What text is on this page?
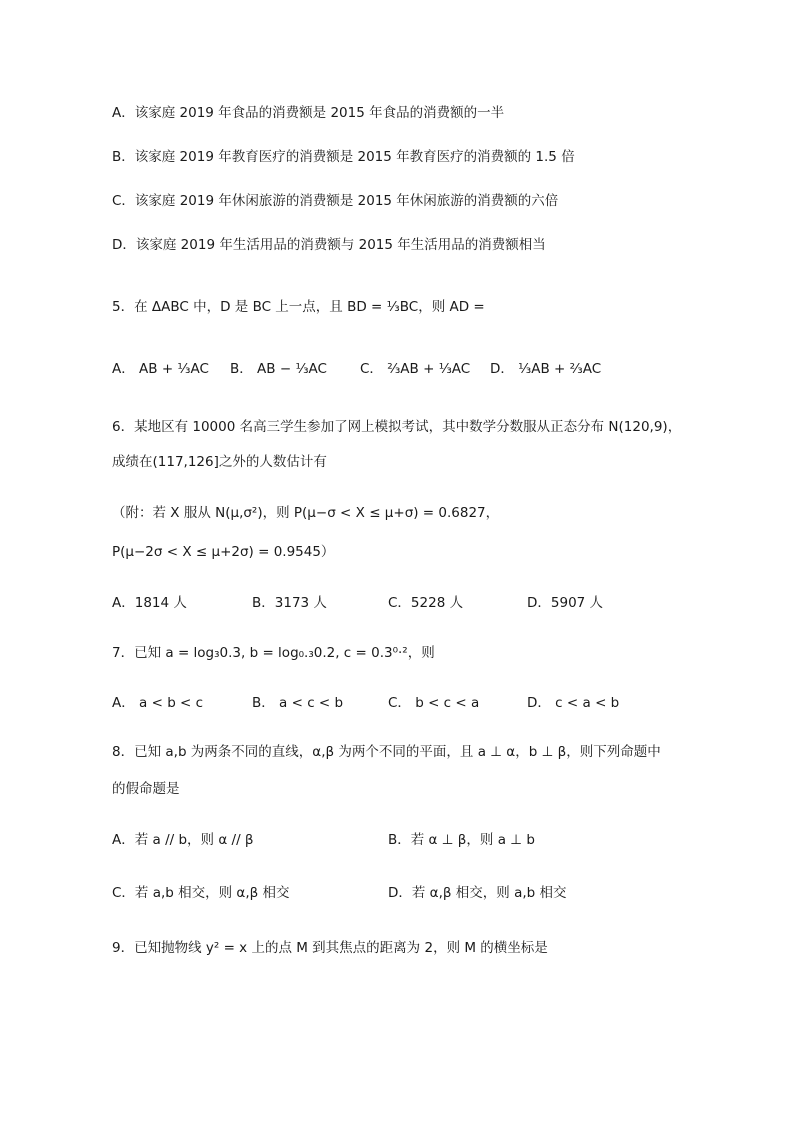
A．该家庭 2019 年食品的消费额是 2015 年食品的消费额的一半
B．该家庭 2019 年教育医疗的消费额是 2015 年教育医疗的消费额的 1.5 倍
C．该家庭 2019 年休闲旅游的消费额是 2015 年休闲旅游的消费额的六倍
D．该家庭 2019 年生活用品的消费额与 2015 年生活用品的消费额相当
5．在 ΔABC 中，D 是 BC 上一点，且 BD = ⅓BC，则 AD =
A． AB + ⅓AC B． AB − ⅓AC C． ⅔AB + ⅓AC D． ⅓AB + ⅔AC
6．某地区有 10000 名高三学生参加了网上模拟考试，其中数学分数服从正态分布 N(120,9)，
成绩在(117,126]之外的人数估计有
（附：若 X 服从 N(μ,σ²)，则 P(μ−σ < X ≤ μ+σ) = 0.6827，
P(μ−2σ < X ≤ μ+2σ) = 0.9545）
A．1814 人	B．3173 人	C．5228 人	D．5907 人
7．已知 a = log₃0.3, b = log₀.₃0.2, c = 0.3⁰·²，则
A． a < b < c	B． a < c < b	C． b < c < a	D． c < a < b
8．已知 a,b 为两条不同的直线，α,β 为两个不同的平面，且 a ⊥ α，b ⊥ β，则下列命题中
的假命题是
A．若 a // b，则 α // β	B．若 α ⊥ β，则 a ⊥ b
C．若 a,b 相交，则 α,β 相交	D．若 α,β 相交，则 a,b 相交
9．已知抛物线 y² = x 上的点 M 到其焦点的距离为 2，则 M 的横坐标是
